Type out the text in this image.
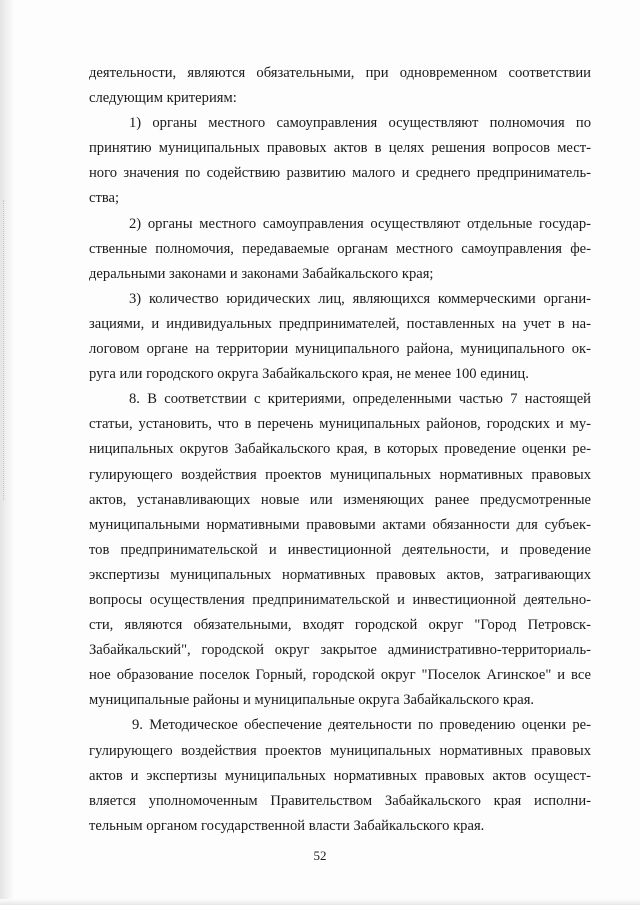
деятельности, являются обязательными, при одновременном соответствии
следующим критериям:
1) органы местного самоуправления осуществляют полномочия по
принятию муниципальных правовых актов в целях решения вопросов мест-
ного значения по содействию развитию малого и среднего предприниматель-
ства;
2) органы местного самоуправления осуществляют отдельные государ-
ственные полномочия, передаваемые органам местного самоуправления фе-
деральными законами и законами Забайкальского края;
3) количество юридических лиц, являющихся коммерческими органи-
зациями, и индивидуальных предпринимателей, поставленных на учет в на-
логовом органе на территории муниципального района, муниципального ок-
руга или городского округа Забайкальского края, не менее 100 единиц.
8. В соответствии с критериями, определенными частью 7 настоящей
статьи, установить, что в перечень муниципальных районов, городских и му-
ниципальных округов Забайкальского края, в которых проведение оценки ре-
гулирующего воздействия проектов муниципальных нормативных правовых
актов, устанавливающих новые или изменяющих ранее предусмотренные
муниципальными нормативными правовыми актами обязанности для субъек-
тов предпринимательской и инвестиционной деятельности, и проведение
экспертизы муниципальных нормативных правовых актов, затрагивающих
вопросы осуществления предпринимательской и инвестиционной деятельно-
сти, являются обязательными, входят городской округ "Город Петровск-
Забайкальский", городской округ закрытое административно-территориаль-
ное образование поселок Горный, городской округ "Поселок Агинское" и все
муниципальные районы и муниципальные округа Забайкальского края.
9. Методическое обеспечение деятельности по проведению оценки ре-
гулирующего воздействия проектов муниципальных нормативных правовых
актов и экспертизы муниципальных нормативных правовых актов осущест-
вляется уполномоченным Правительством Забайкальского края исполни-
тельным органом государственной власти Забайкальского края.
52
